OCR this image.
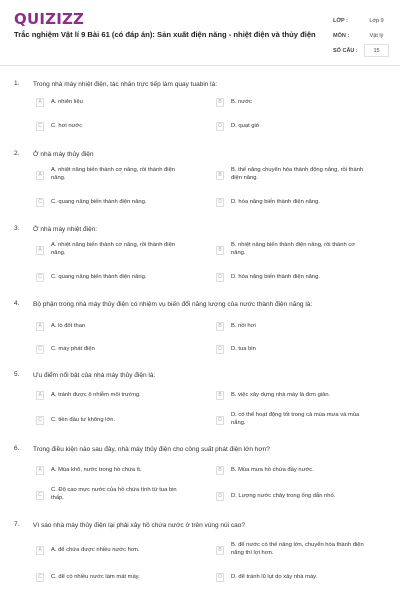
QUIZIZZ
Trắc nghiệm Vật lí 9 Bài 61 (có đáp án): Sản xuất điện năng - nhiệt điện và thủy điện
LỚP :	Lớp 9
MÔN :	Vật lý
SỐ CÂU :	15
1. Trong nhà máy nhiệt điện, tác nhân trực tiếp làm quay tuabin là:
A	A. nhiên liệu	B	B. nước
C	C. hơi nước	D	D. quạt gió
2. Ở nhà máy thủy điện
A
A. nhiệt năng biến thành cơ năng, rồi thành điện năng.	B
B. thế năng chuyển hóa thành động năng, rồi thành điện năng.
C	C. quang năng biến thành điện năng.	D	D. hóa năng biến thành điện năng.
3. Ở nhà máy nhiệt điện:
A
A. nhiệt năng biến thành cơ năng, rồi thành điện năng.	B
B. nhiệt năng biến thành điện năng, rồi thành cơ năng.
C	C. quang năng biến thành điện năng.	D	D. hóa năng biến thành điện năng.
4. Bộ phận trong nhà máy thủy điện có nhiệm vụ biến đổi năng lượng của nước thành điện năng là:
A	A. lò đốt than	B	B. nồi hơi
C	C. máy phát điện	D	D. tua bin
5. Ưu điểm nổi bật của nhà máy thủy điện là:
A	A. tránh được ô nhiễm môi trường.	B	B. việc xây dựng nhà máy là đơn giản.
C	C. tiền đầu tư không lớn.	D
D. có thể hoạt động tốt trong cả mùa mưa và mùa nắng.
6. Trong điều kiện nào sau đây, nhà máy thủy điện cho công suất phát điện lớn hơn?
A	A. Mùa khô, nước trong hồ chứa ít.	B	B. Mùa mưa hồ chứa đầy nước.
C
C. Độ cao mực nước của hồ chứa tính từ tua bin thấp.	D	D. Lượng nước chảy trong ống dẫn nhỏ.
7. Vì sao nhà máy thủy điện lại phải xây hồ chứa nước ở trên vùng núi cao?
A	A. để chứa được nhiều nước hơn.	B
B. để nước có thế năng lớn, chuyển hóa thành điện năng thì lợi hơn.
C	C. để có nhiều nước làm mát máy.	D	D. để tránh lũ lụt do xây nhà máy.
